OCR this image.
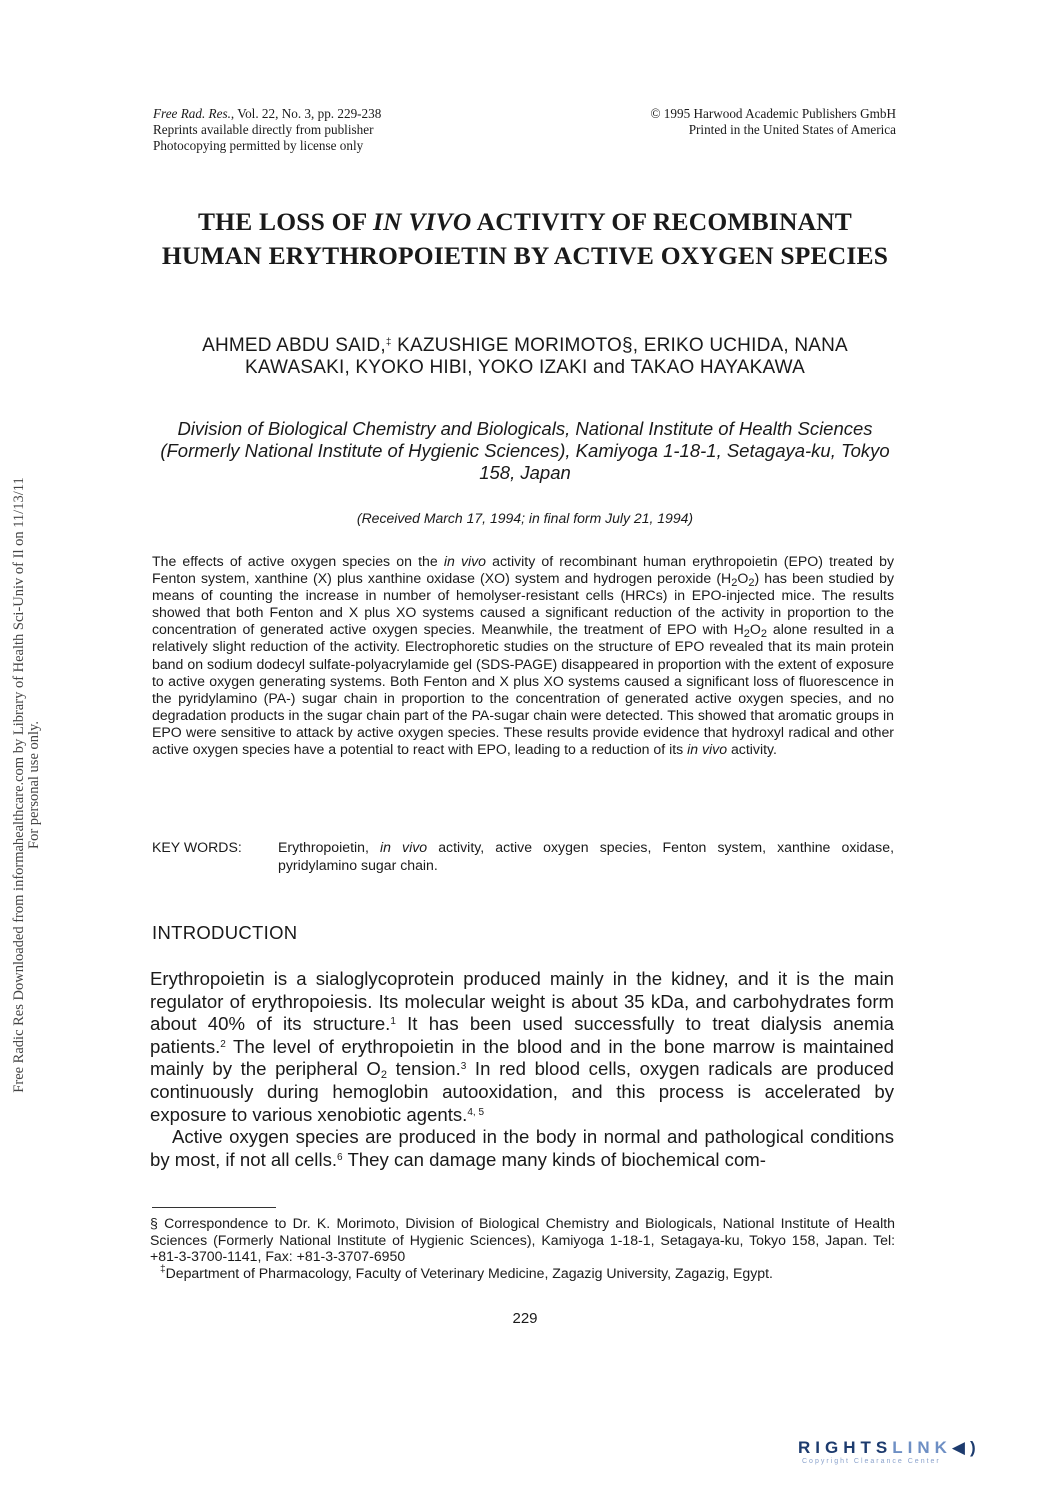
Free Radic Res Downloaded from informahealthcare.com by Library of Health Sci-Univ of Il on 11/13/11 For personal use only.
Free Rad. Res., Vol. 22, No. 3, pp. 229-238
Reprints available directly from publisher
Photocopying permitted by license only
© 1995 Harwood Academic Publishers GmbH
Printed in the United States of America
THE LOSS OF IN VIVO ACTIVITY OF RECOMBINANT HUMAN ERYTHROPOIETIN BY ACTIVE OXYGEN SPECIES
AHMED ABDU SAID,‡ KAZUSHIGE MORIMOTO§, ERIKO UCHIDA, NANA KAWASAKI, KYOKO HIBI, YOKO IZAKI and TAKAO HAYAKAWA
Division of Biological Chemistry and Biologicals, National Institute of Health Sciences (Formerly National Institute of Hygienic Sciences), Kamiyoga 1-18-1, Setagaya-ku, Tokyo 158, Japan
(Received March 17, 1994; in final form July 21, 1994)
The effects of active oxygen species on the in vivo activity of recombinant human erythropoietin (EPO) treated by Fenton system, xanthine (X) plus xanthine oxidase (XO) system and hydrogen peroxide $(H_2O_2)$ has been studied by means of counting the increase in number of hemolyser-resistant cells (HRCs) in EPO-injected mice. The results showed that both Fenton and X plus XO systems caused a significant reduction of the activity in proportion to the concentration of generated active oxygen species. Meanwhile, the treatment of EPO with $H_2O_2$ alone resulted in a relatively slight reduction of the activity. Electrophoretic studies on the structure of EPO revealed that its main protein band on sodium dodecyl sulfate-polyacrylamide gel (SDS-PAGE) disappeared in proportion with the extent of exposure to active oxygen generating systems. Both Fenton and X plus XO systems caused a significant loss of fluorescence in the pyridylamino (PA-) sugar chain in proportion to the concentration of generated active oxygen species, and no degradation products in the sugar chain part of the PA-sugar chain were detected. This showed that aromatic groups in EPO were sensitive to attack by active oxygen species. These results provide evidence that hydroxyl radical and other active oxygen species have a potential to react with EPO, leading to a reduction of its in vivo activity.
KEY WORDS:	Erythropoietin, in vivo activity, active oxygen species, Fenton system, xanthine oxidase, pyridylamino sugar chain.
INTRODUCTION

Erythropoietin is a sialoglycoprotein produced mainly in the kidney, and it is the main regulator of erythropoiesis. Its molecular weight is about 35 kDa, and carbohydrates form about 40% of its structure.$^1$ It has been used successfully to treat dialysis anemia patients.$^2$ The level of erythropoietin in the blood and in the bone marrow is maintained mainly by the peripheral $O_2$ tension.$^3$ In red blood cells, oxygen radicals are produced continuously during hemoglobin autooxidation, and this process is accelerated by exposure to various xenobiotic agents.$^{4, 5}$

Active oxygen species are produced in the body in normal and pathological conditions by most, if not all cells.$^6$ They can damage many kinds of biochemical com-

§ Correspondence to Dr. K. Morimoto, Division of Biological Chemistry and Biologicals, National Institute of Health Sciences (Formerly National Institute of Hygienic Sciences), Kamiyoga 1-18-1, Setagaya-ku, Tokyo 158, Japan. Tel: +81-3-3700-1141, Fax: +81-3-3707-6950

‡Department of Pharmacology, Faculty of Veterinary Medicine, Zagazig University, Zagazig, Egypt.

229
RIGHTSLINK◀)
Copyright Clearance Center
